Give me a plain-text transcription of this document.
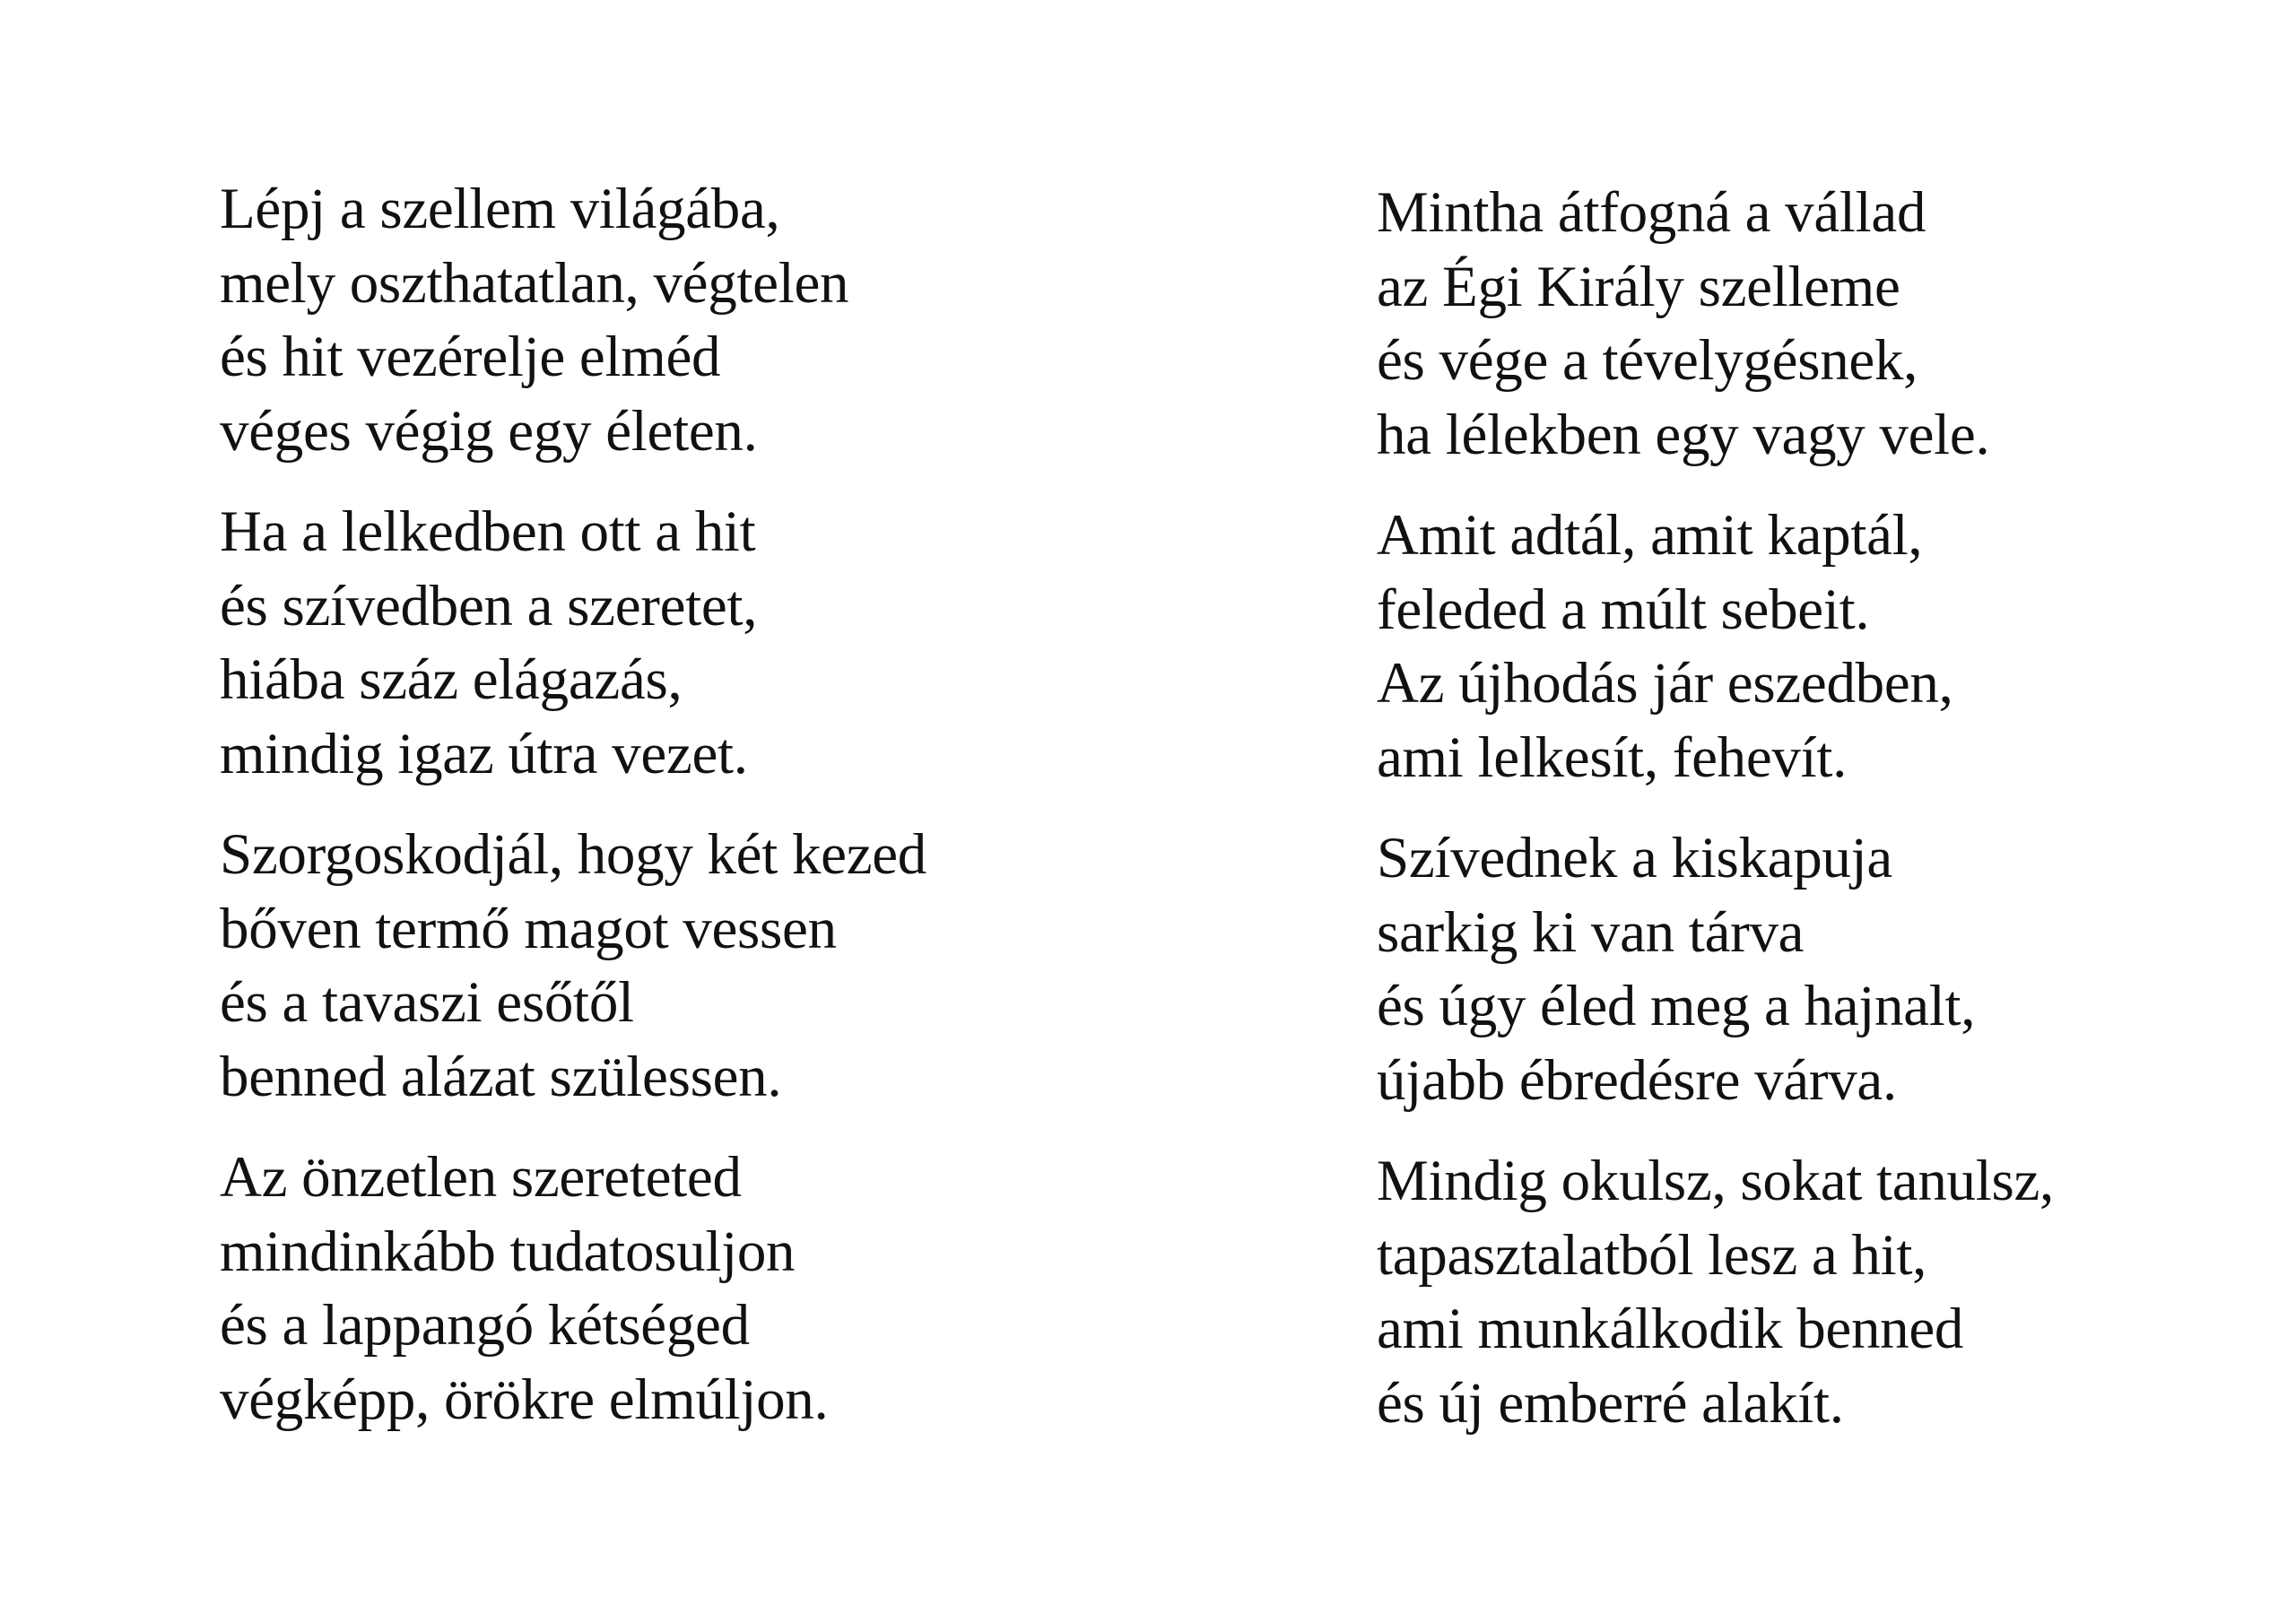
Lépj a szellem világába,
mely oszthatatlan, végtelen
és hit vezérelje elméd
véges végig egy életen.
Ha a lelkedben ott a hit
és szívedben a szeretet,
hiába száz elágazás,
mindig igaz útra vezet.
Szorgoskodjál, hogy két kezed
bőven termő magot vessen
és a tavaszi esőtől
benned alázat szülessen.
Az önzetlen szereteted
mindinkább tudatosuljon
és a lappangó kétséged
végképp, örökre elmúljon.
Mintha átfogná a vállad
az Égi Király szelleme
és vége a tévelygésnek,
ha lélekben egy vagy vele.
Amit adtál, amit kaptál,
feleded a múlt sebeit.
Az újhodás jár eszedben,
ami lelkesít, fehevít.
Szívednek a kiskapuja
sarkig ki van tárva
és úgy éled meg a hajnalt,
újabb ébredésre várva.
Mindig okulsz, sokat tanulsz,
tapasztalatból lesz a hit,
ami munkálkodik benned
és új emberré alakít.
